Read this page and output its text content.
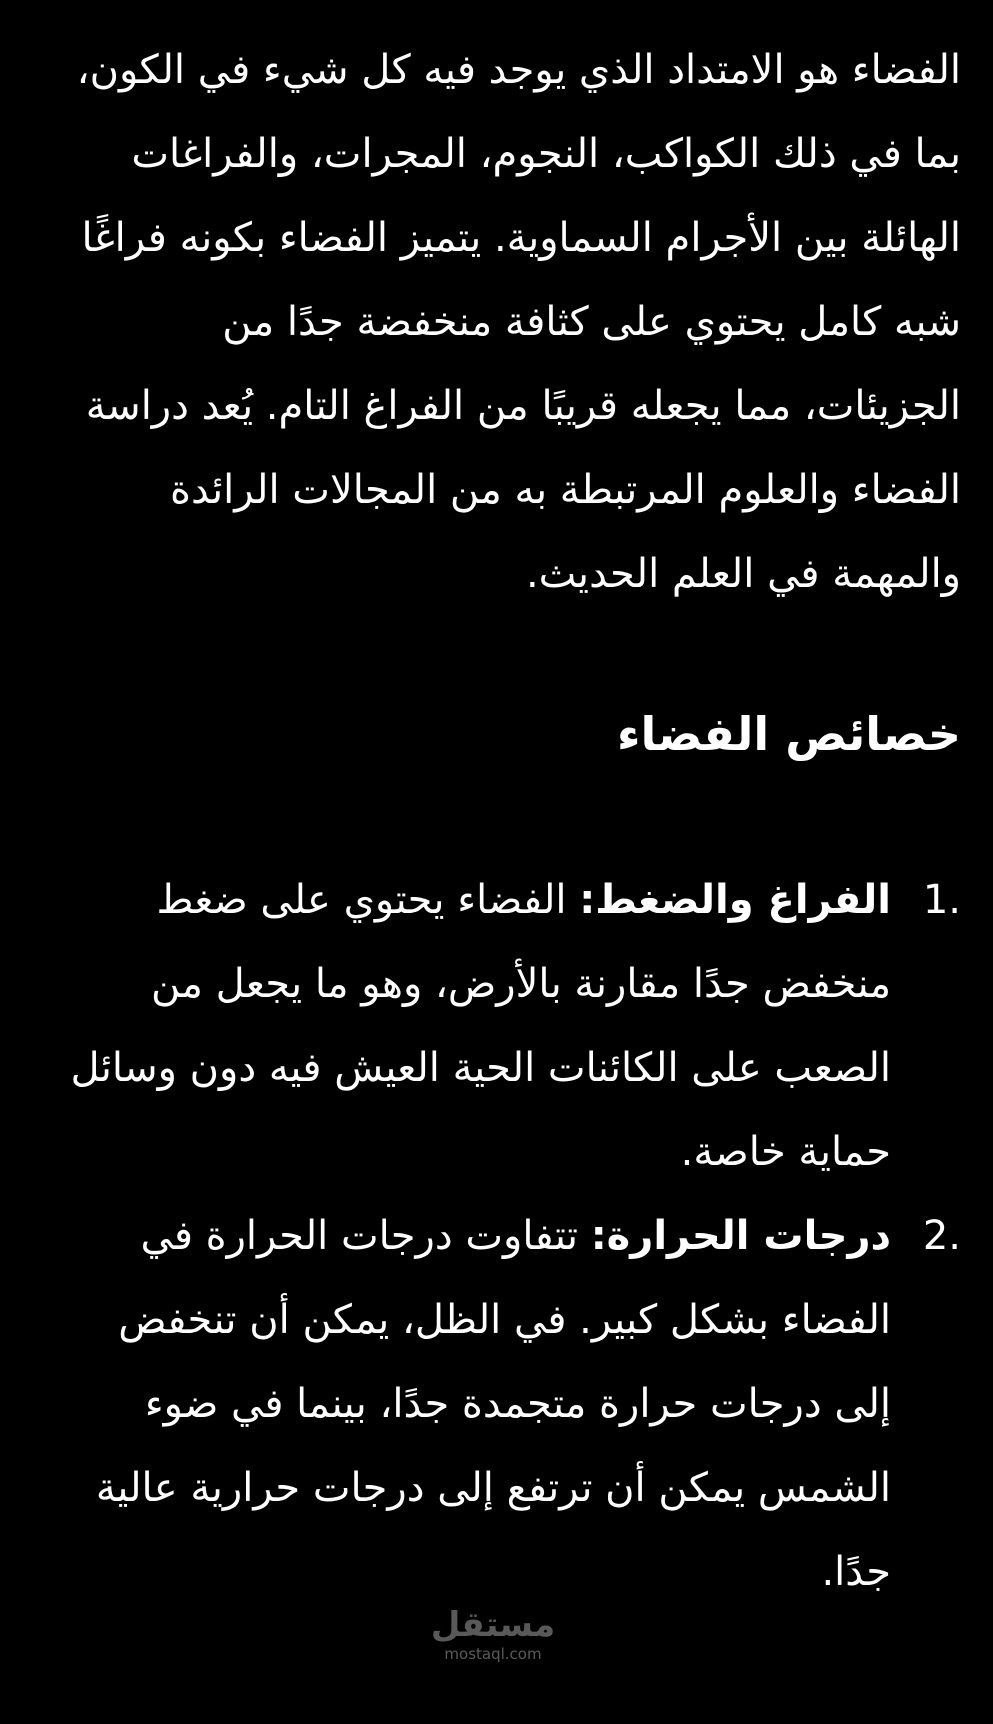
الفضاء هو الامتداد الذي يوجد فيه كل شيء في الكون، بما في ذلك الكواكب، النجوم، المجرات، والفراغات الهائلة بين الأجرام السماوية. يتميز الفضاء بكونه فراغًا شبه كامل يحتوي على كثافة منخفضة جدًا من الجزيئات، مما يجعله قريبًا من الفراغ التام. يُعد دراسة الفضاء والعلوم المرتبطة به من المجالات الرائدة والمهمة في العلم الحديث.

خصائص الفضاء
1.
الفراغ والضغط: الفضاء يحتوي على ضغط منخفض جدًا مقارنة بالأرض، وهو ما يجعل من الصعب على الكائنات الحية العيش فيه دون وسائل حماية خاصة.
2.
درجات الحرارة: تتفاوت درجات الحرارة في الفضاء بشكل كبير. في الظل، يمكن أن تنخفض إلى درجات حرارة متجمدة جدًا، بينما في ضوء الشمس يمكن أن ترتفع إلى درجات حرارية عالية جدًا.
مستقل
mostaql.com
